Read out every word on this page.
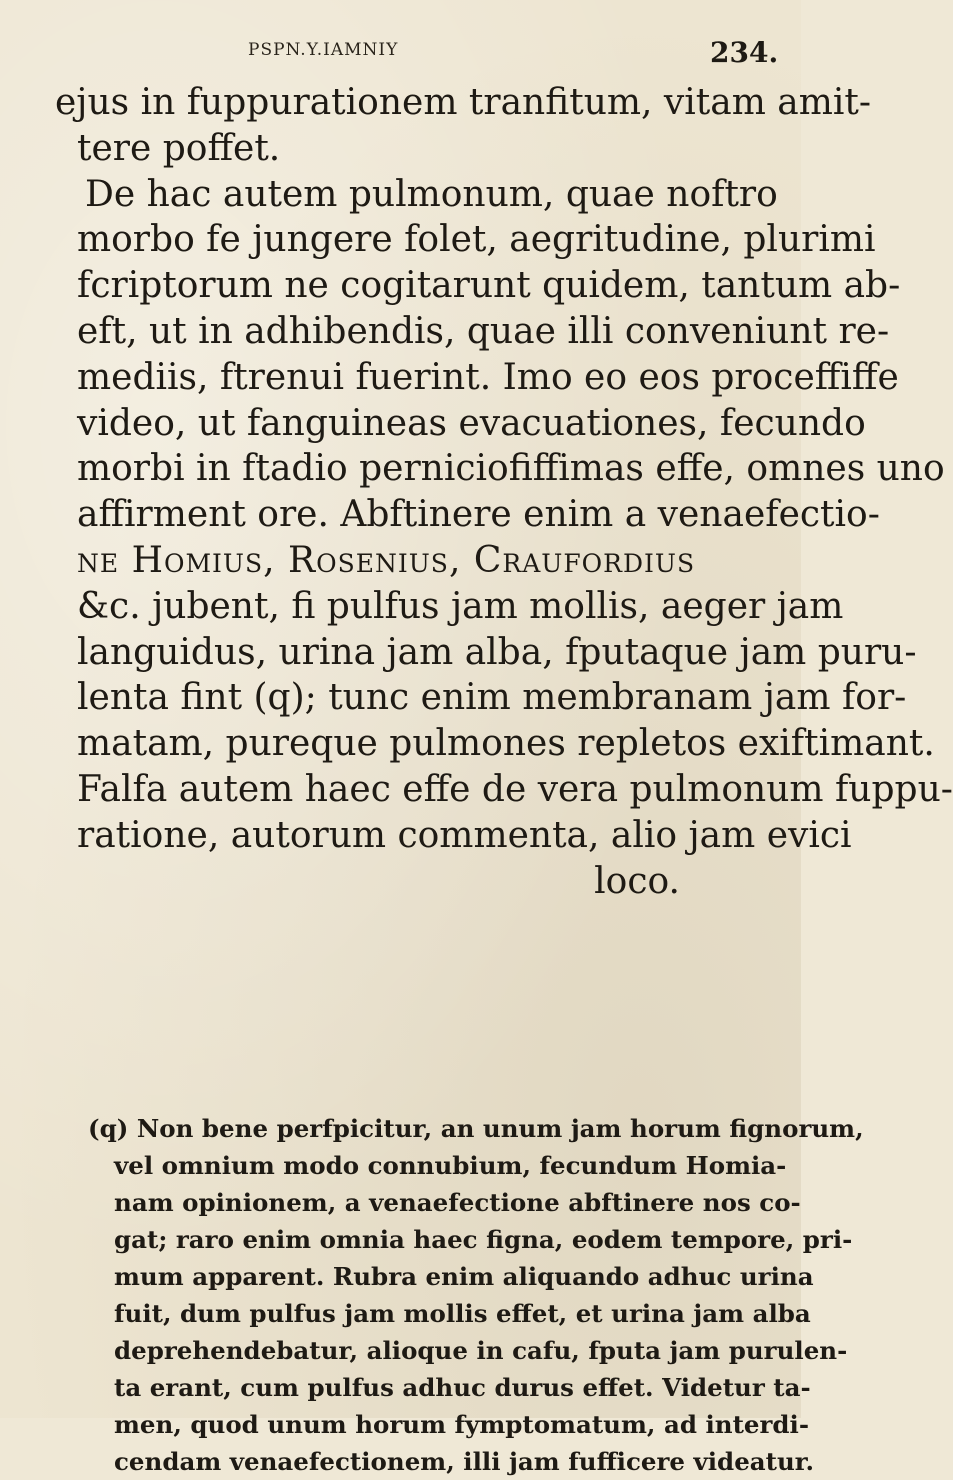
PSPN.Y.IAMNIY	234.
ejus in fuppurationem tranfitum, vitam amit-
tere poffet.
De hac autem pulmonum, quae noftro
morbo fe jungere folet, aegritudine, plurimi
fcriptorum ne cogitarunt quidem, tantum ab-
eft, ut in adhibendis, quae illi conveniunt re-
mediis, ftrenui fuerint. Imo eo eos proceffiffe
video, ut fanguineas evacuationes, fecundo
morbi in ftadio perniciofiffimas effe, omnes uno
affirment ore. Abftinere enim a venaefectio-
ne Homius, Rosenius, Craufordius
&c. jubent, fi pulfus jam mollis, aeger jam
languidus, urina jam alba, fputaque jam puru-
lenta fint (q); tunc enim membranam jam for-
matam, pureque pulmones repletos exiftimant.
Falfa autem haec effe de vera pulmonum fuppu-
ratione, autorum commenta, alio jam evici
loco.
(q) Non bene perfpicitur, an unum jam horum fignorum,
vel omnium modo connubium, fecundum Homia-
nam opinionem, a venaefectione abftinere nos co-
gat; raro enim omnia haec figna, eodem tempore, pri-
mum apparent. Rubra enim aliquando adhuc urina
fuit, dum pulfus jam mollis effet, et urina jam alba
deprehendebatur, alioque in cafu, fputa jam purulen-
ta erant, cum pulfus adhuc durus effet. Videtur ta-
men, quod unum horum fymptomatum, ad interdi-
cendam venaefectionem, illi jam fufficere videatur.
